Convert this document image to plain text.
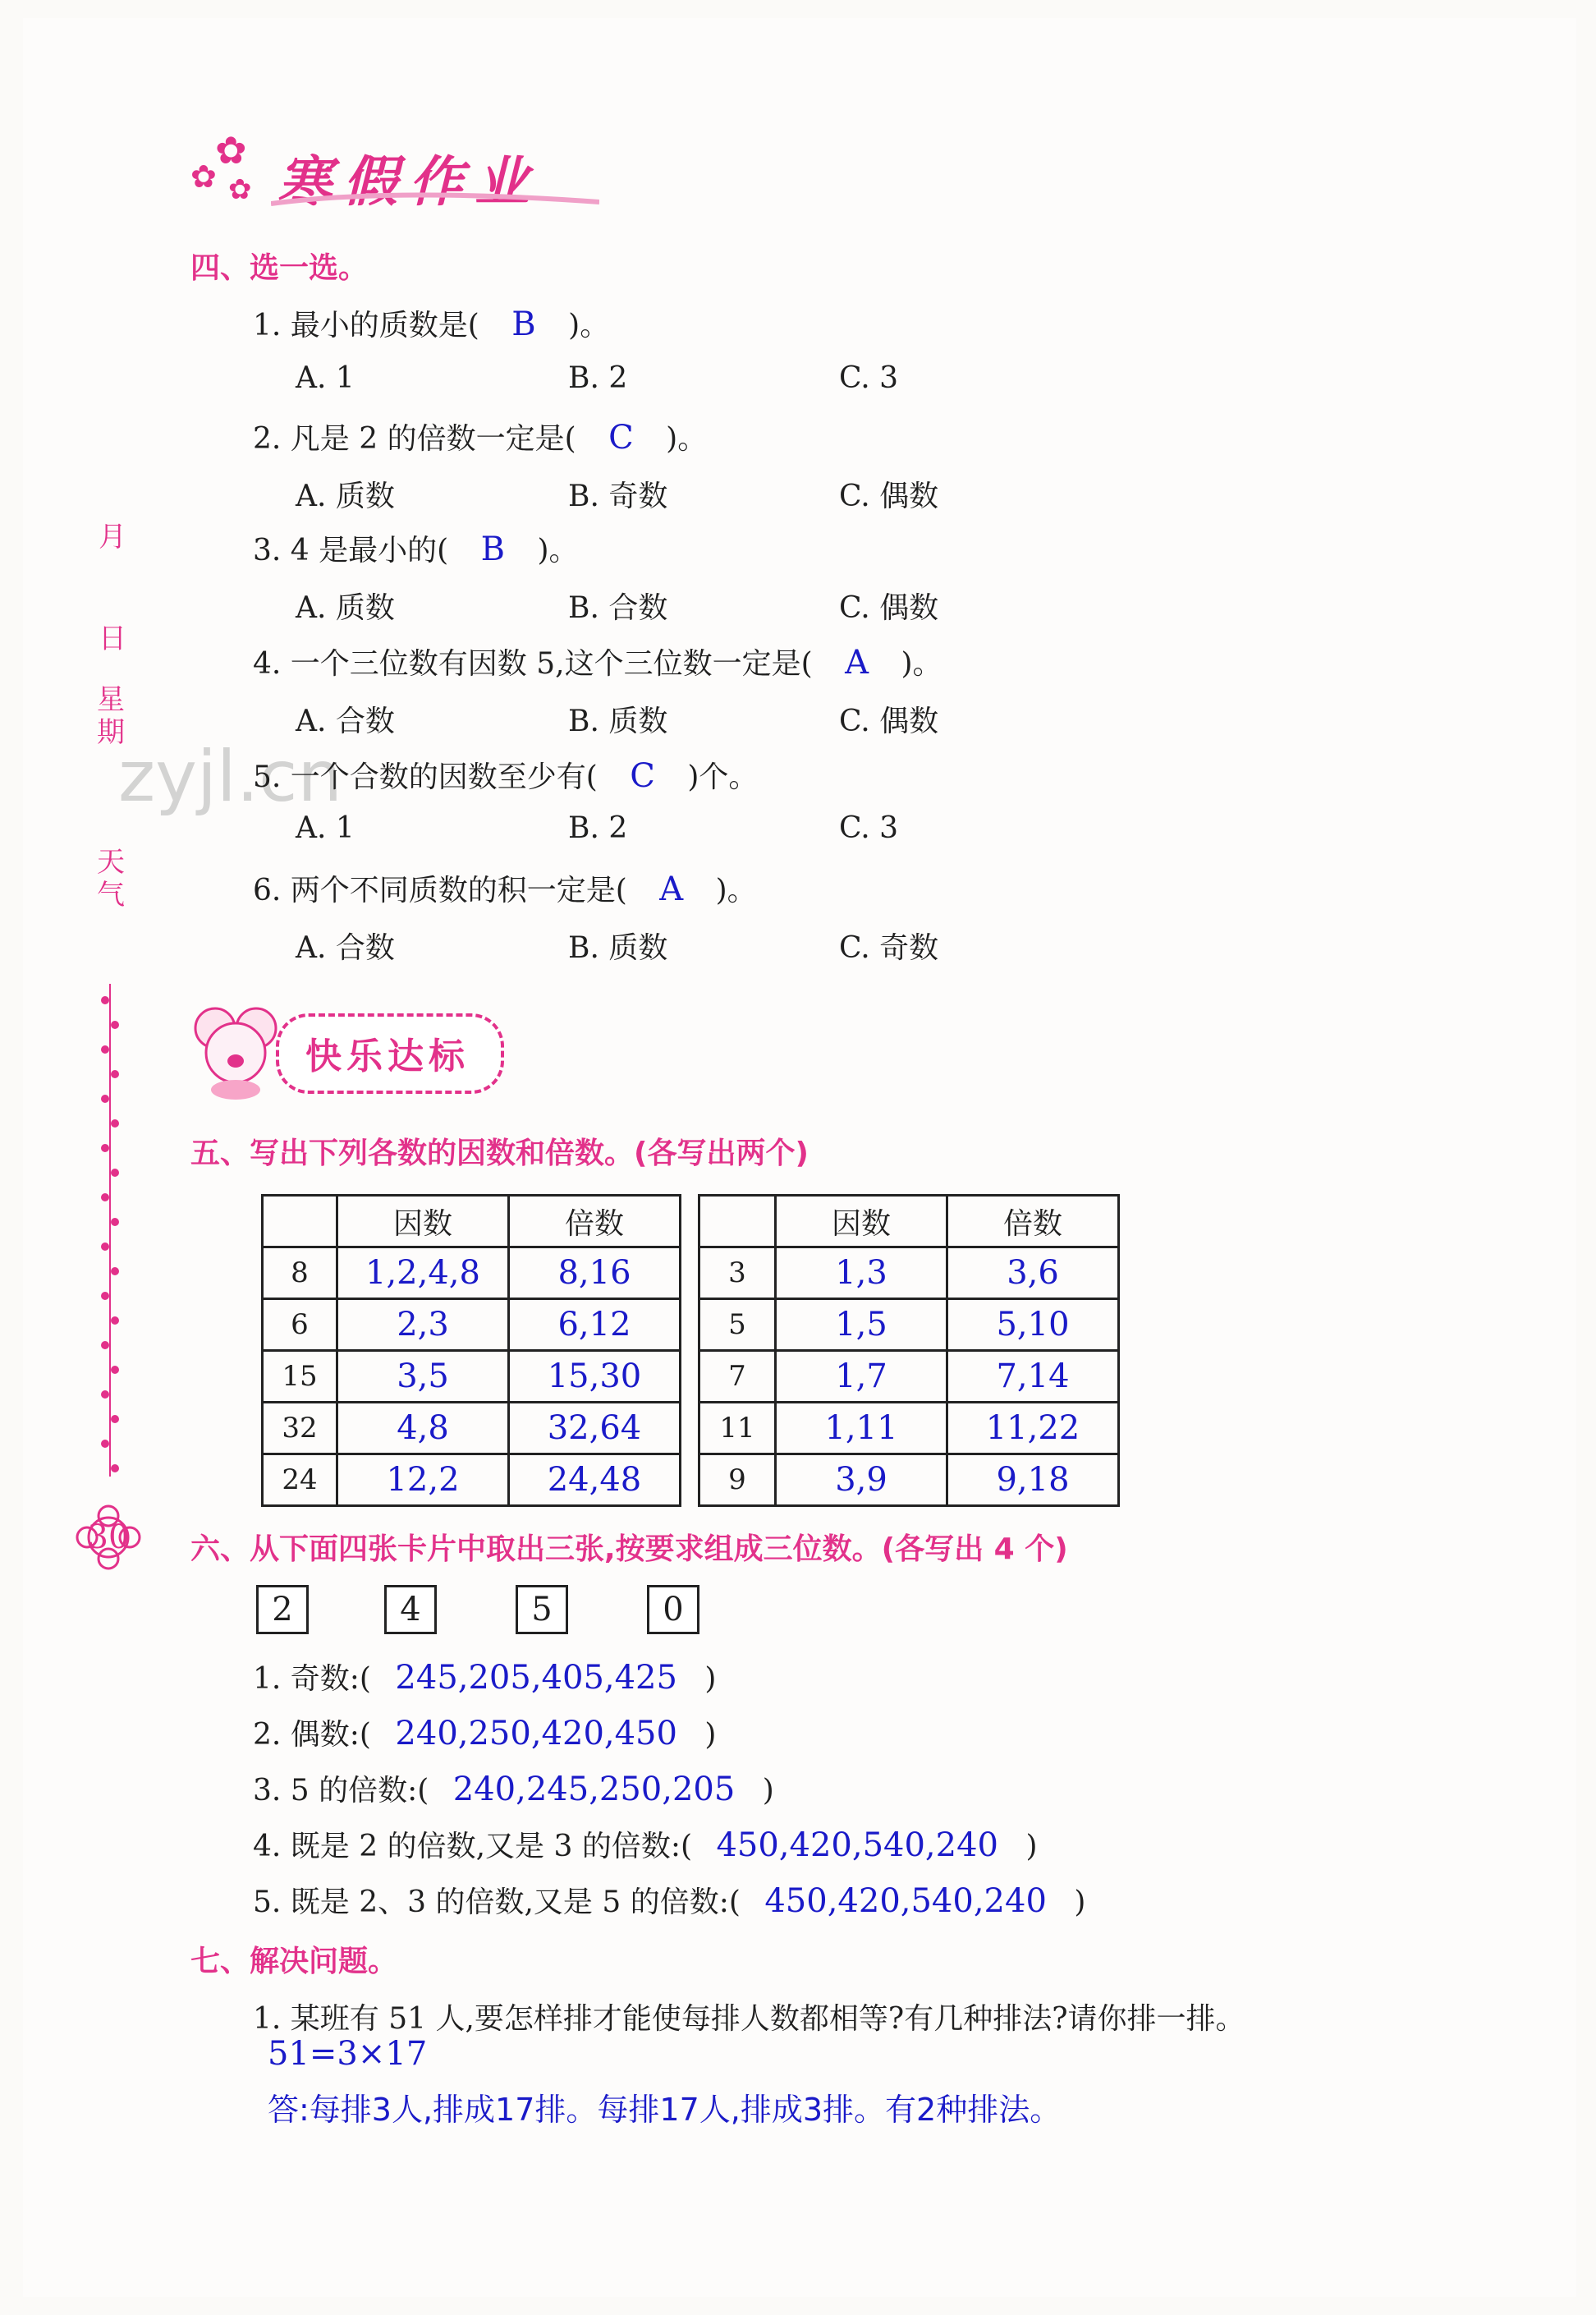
✿
✿ ✿ 寒假作业
月
日
星期
天气
30
zyjl.cn
四、选一选。
1. 最小的质数是( B )。
A. 1	B. 2	C. 3
2. 凡是 2 的倍数一定是( C )。
A. 质数	B. 奇数	C. 偶数
3. 4 是最小的( B )。
A. 质数	B. 合数	C. 偶数
4. 一个三位数有因数 5,这个三位数一定是( A )。
A. 合数	B. 质数	C. 偶数
5. 一个合数的因数至少有( C )个。
A. 1	B. 2	C. 3
6. 两个不同质数的积一定是( A )。
A. 合数	B. 质数	C. 奇数
快乐达标
五、写出下列各数的因数和倍数。(各写出两个)
	因数	倍数
8	1,2,4,8	8,16
6	2,3	6,12
15	3,5	15,30
32	4,8	32,64
24	12,2	24,48
	因数	倍数
3	1,3	3,6
5	1,5	5,10
7	1,7	7,14
11	1,11	11,22
9	3,9	9,18
六、从下面四张卡片中取出三张,按要求组成三位数。(各写出 4 个)
2	4	5	0
1. 奇数:( 245,205,405,425 )
2. 偶数:( 240,250,420,450 )
3. 5 的倍数:( 240,245,250,205 )
4. 既是 2 的倍数,又是 3 的倍数:( 450,420,540,240 )
5. 既是 2、3 的倍数,又是 5 的倍数:( 450,420,540,240 )
七、解决问题。
1. 某班有 51 人,要怎样排才能使每排人数都相等?有几种排法?请你排一排。
51=3×17
答:每排3人,排成17排。每排17人,排成3排。有2种排法。
